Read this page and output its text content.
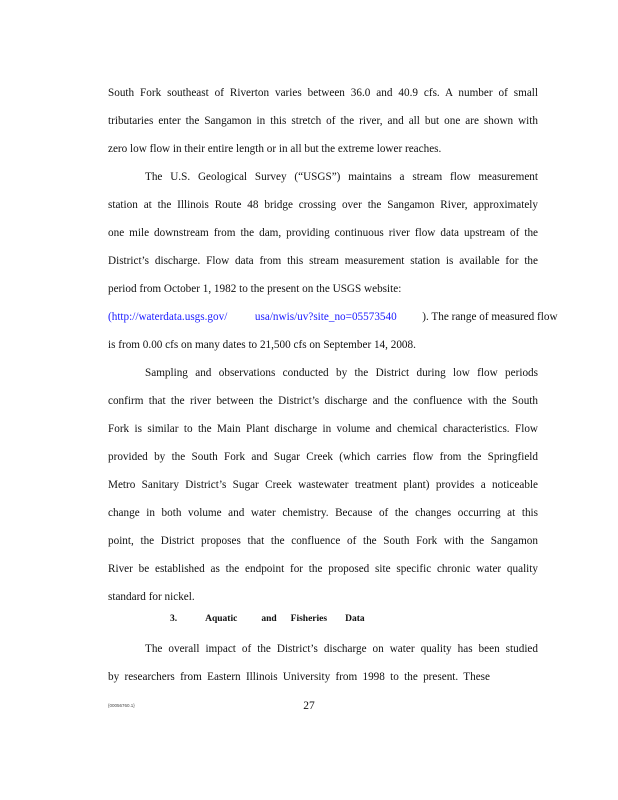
South Fork southeast of Riverton varies between 36.0 and 40.9 cfs. A number of small
tributaries enter the Sangamon in this stretch of the river, and all but one are shown with
zero low flow in their entire length or in all but the extreme lower reaches.
The U.S. Geological Survey (“USGS”) maintains a stream flow measurement
station at the Illinois Route 48 bridge crossing over the Sangamon River, approximately
one mile downstream from the dam, providing continuous river flow data upstream of the
District’s discharge. Flow data from this stream measurement station is available for the
period from October 1, 1982 to the present on the USGS website:
(http://waterdata.usgs.gov/ usa/nwis/uv?site_no=05573540 ). The range of measured flow
is from 0.00 cfs on many dates to 21,500 cfs on September 14, 2008.
Sampling and observations conducted by the District during low flow periods
confirm that the river between the District’s discharge and the confluence with the South
Fork is similar to the Main Plant discharge in volume and chemical characteristics. Flow
provided by the South Fork and Sugar Creek (which carries flow from the Springfield
Metro Sanitary District’s Sugar Creek wastewater treatment plant) provides a noticeable
change in both volume and water chemistry. Because of the changes occurring at this
point, the District proposes that the confluence of the South Fork with the Sangamon
River be established as the endpoint for the proposed site specific chronic water quality
standard for nickel.
3.	Aquatic	and Fisheries Data
The overall impact of the District’s discharge on water quality has been studied
by researchers from Eastern Illinois University from 1998 to the present. These
{00056760.1}	27
